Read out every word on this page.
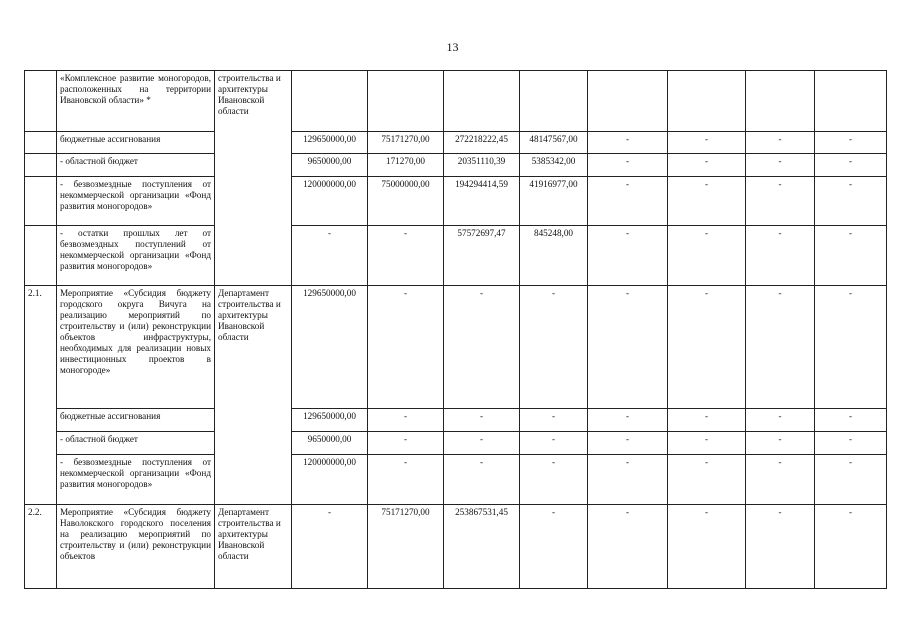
13
	«Комплексное развитие моногородов, расположенных на территории Ивановской области» *	строительства и архитектуры Ивановской области								
	бюджетные ассигнования		129650000,00	75171270,00	272218222,45	48147567,00	-	-	-	-
	- областной бюджет		9650000,00	171270,00	20351110,39	5385342,00	-	-	-	-
	- безвозмездные поступления от некоммерческой организации «Фонд развития моногородов»		120000000,00	75000000,00	194294414,59	41916977,00	-	-	-	-
	- остатки прошлых лет от безвозмездных поступлений от некоммерческой организации «Фонд развития моногородов»		-	-	57572697,47	845248,00	-	-	-	-
2.1.	Мероприятие «Субсидия бюджету городского округа Вичуга на реализацию мероприятий по строительству и (или) реконструкции объектов инфраструктуры, необходимых для реализации новых инвестиционных проектов в моногороде»	Департамент строительства и архитектуры Ивановской области	129650000,00	-	-	-	-	-	-	-
	бюджетные ассигнования		129650000,00	-	-	-	-	-	-	-
	- областной бюджет		9650000,00	-	-	-	-	-	-	-
	- безвозмездные поступления от некоммерческой организации «Фонд развития моногородов»		120000000,00	-	-	-	-	-	-	-
2.2.	Мероприятие «Субсидия бюджету Наволокского городского поселения на реализацию мероприятий по строительству и (или) реконструкции объектов	Департамент строительства и архитектуры Ивановской области	-	75171270,00	253867531,45	-	-	-	-	-
